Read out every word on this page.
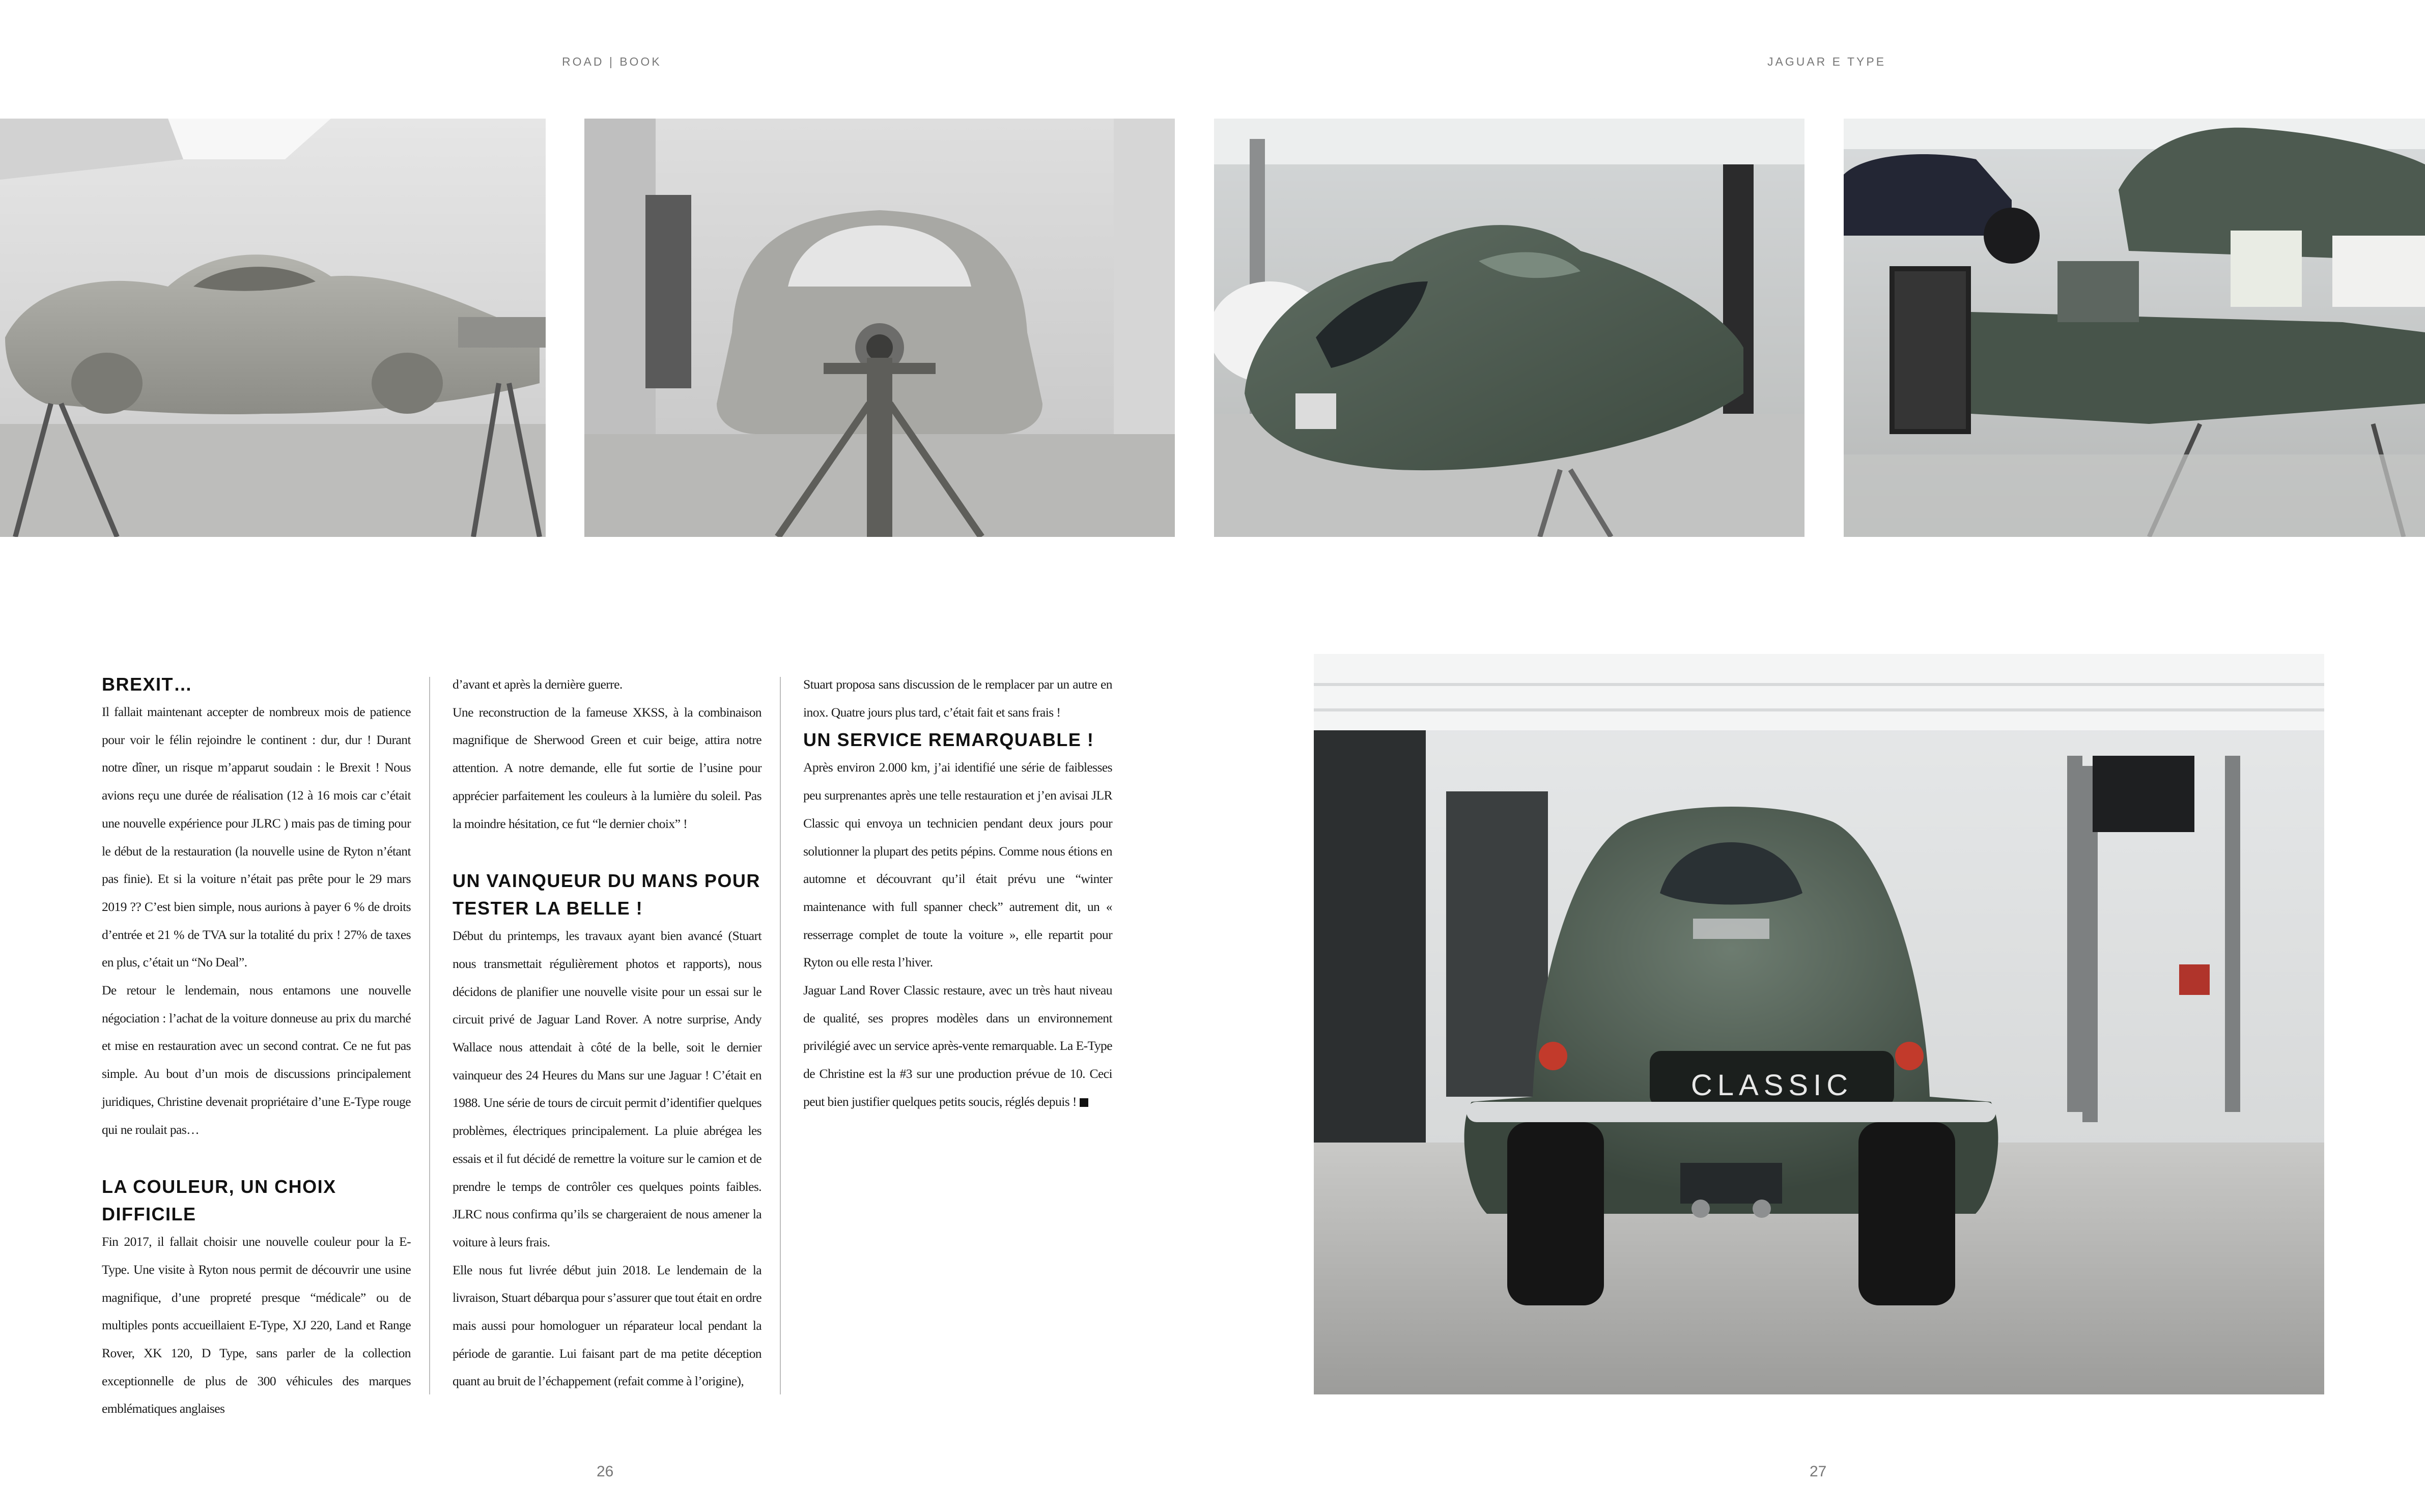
ROAD | BOOK	JAGUAR E TYPE
CLASSIC
BREXIT…

Il fallait maintenant accepter de nombreux mois de patience pour voir le félin rejoindre le continent : dur, dur ! Durant notre dîner, un risque m’apparut soudain : le Brexit ! Nous avions reçu une durée de réalisation (12 à 16 mois car c’était une nouvelle expérience pour JLRC ) mais pas de timing pour le début de la restauration (la nouvelle usine de Ryton n’étant pas finie). Et si la voiture n’était pas prête pour le 29 mars 2019 ?? C’est bien simple, nous aurions à payer 6 % de droits d’entrée et 21 % de TVA sur la totalité du prix ! 27% de taxes en plus, c’était un “No Deal”.

De retour le lendemain, nous entamons une nouvelle négociation : l’achat de la voiture donneuse au prix du marché et mise en restauration avec un second contrat. Ce ne fut pas simple. Au bout d’un mois de discussions principalement juridiques, Christine devenait propriétaire d’une E-Type rouge qui ne roulait pas…

LA COULEUR, UN CHOIX DIFFICILE

Fin 2017, il fallait choisir une nouvelle couleur pour la E-Type. Une visite à Ryton nous permit de découvrir une usine magnifique, d’une propreté presque “médicale” ou de multiples ponts accueillaient E-Type, XJ 220, Land et Range Rover, XK 120, D Type, sans parler de la collection exceptionnelle de plus de 300 véhicules des marques emblématiques anglaises

d’avant et après la dernière guerre.

Une reconstruction de la fameuse XKSS, à la combinaison magnifique de Sherwood Green et cuir beige, attira notre attention. A notre demande, elle fut sortie de l’usine pour apprécier parfaitement les couleurs à la lumière du soleil. Pas la moindre hésitation, ce fut “le dernier choix” !

UN VAINQUEUR DU MANS POUR TESTER LA BELLE !

Début du printemps, les travaux ayant bien avancé (Stuart nous transmettait régulièrement photos et rapports), nous décidons de planifier une nouvelle visite pour un essai sur le circuit privé de Jaguar Land Rover. A notre surprise, Andy Wallace nous attendait à côté de la belle, soit le dernier vainqueur des 24 Heures du Mans sur une Jaguar ! C’était en 1988. Une série de tours de circuit permit d’identifier quelques problèmes, électriques principalement. La pluie abrégea les essais et il fut décidé de remettre la voiture sur le camion et de prendre le temps de contrôler ces quelques points faibles. JLRC nous confirma qu’ils se chargeraient de nous amener la voiture à leurs frais.

Elle nous fut livrée début juin 2018. Le lendemain de la livraison, Stuart débarqua pour s’assurer que tout était en ordre mais aussi pour homologuer un réparateur local pendant la période de garantie. Lui faisant part de ma petite déception quant au bruit de l’échappement (refait comme à l’origine),

Stuart proposa sans discussion de le remplacer par un autre en inox. Quatre jours plus tard, c’était fait et sans frais !

UN SERVICE REMARQUABLE !

Après environ 2.000 km, j’ai identifié une série de faiblesses peu surprenantes après une telle restauration et j’en avisai JLR Classic qui envoya un technicien pendant deux jours pour solutionner la plupart des petits pépins. Comme nous étions en automne et découvrant qu’il était prévu une “winter maintenance with full spanner check” autrement dit, un « resserrage complet de toute la voiture », elle repartit pour Ryton ou elle resta l’hiver.

Jaguar Land Rover Classic restaure, avec un très haut niveau de qualité, ses propres modèles dans un environnement privilégié avec un service après-vente remarquable. La E-Type de Christine est la #3 sur une production prévue de 10. Ceci peut bien justifier quelques petits soucis, réglés depuis !

26	27
